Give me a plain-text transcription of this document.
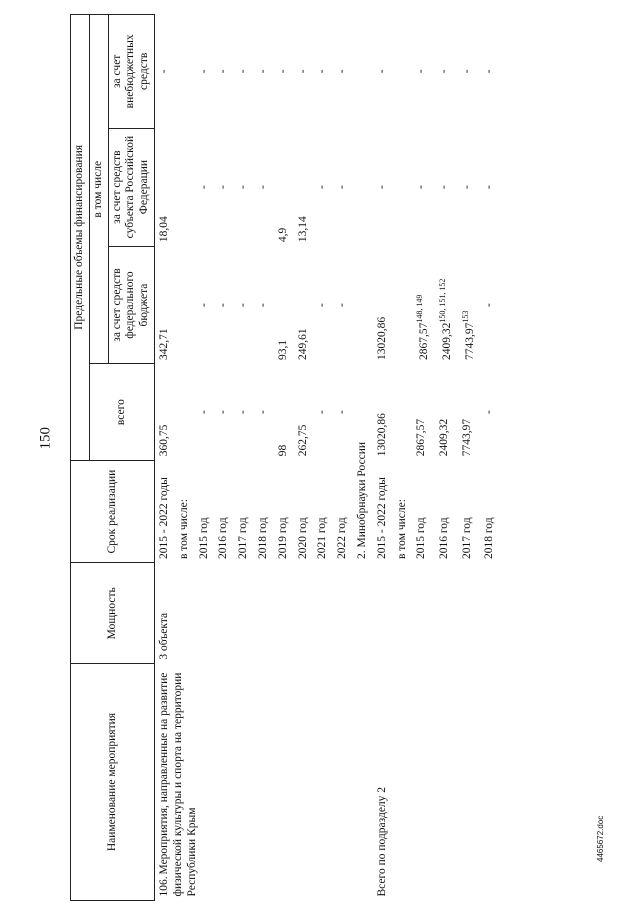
150
Наименование мероприятия	Мощность	Срок реализации	Предельные объемы финансирования			
			всего	в том числе		
				за счет средств федерального бюджета	за счет средств субъекта Российской Федерации	за счет внебюджетных средств
106.Мероприятия, направленные на развитие физической культуры и спорта на территории Республики Крым	3 объекта	2015 - 2022 годы	360,75	342,71	18,04	-
		в том числе:				
		2015 год	-	-	-	-
		2016 год	-	-	-	-
		2017 год	-	-	-	-
		2018 год	-	-	-	-
		2019 год	98	93,1	4,9	-
		2020 год	262,75	249,61	13,14	-
		2021 год	-	-	-	-
		2022 год	-	-	-	-
		2. Минобрнауки России				
Всего по подразделу 2		2015 - 2022 годы	13020,86	13020,86	-	-
		в том числе:				
		2015 год	2867,57	2867,57$^{148, 149}$	-	-
		2016 год	2409,32	2409,32$^{150, 151, 152}$	-	-
		2017 год	7743,97	7743,97$^{153}$	-	-
		2018 год	-	-	-	-
4465672.doc
